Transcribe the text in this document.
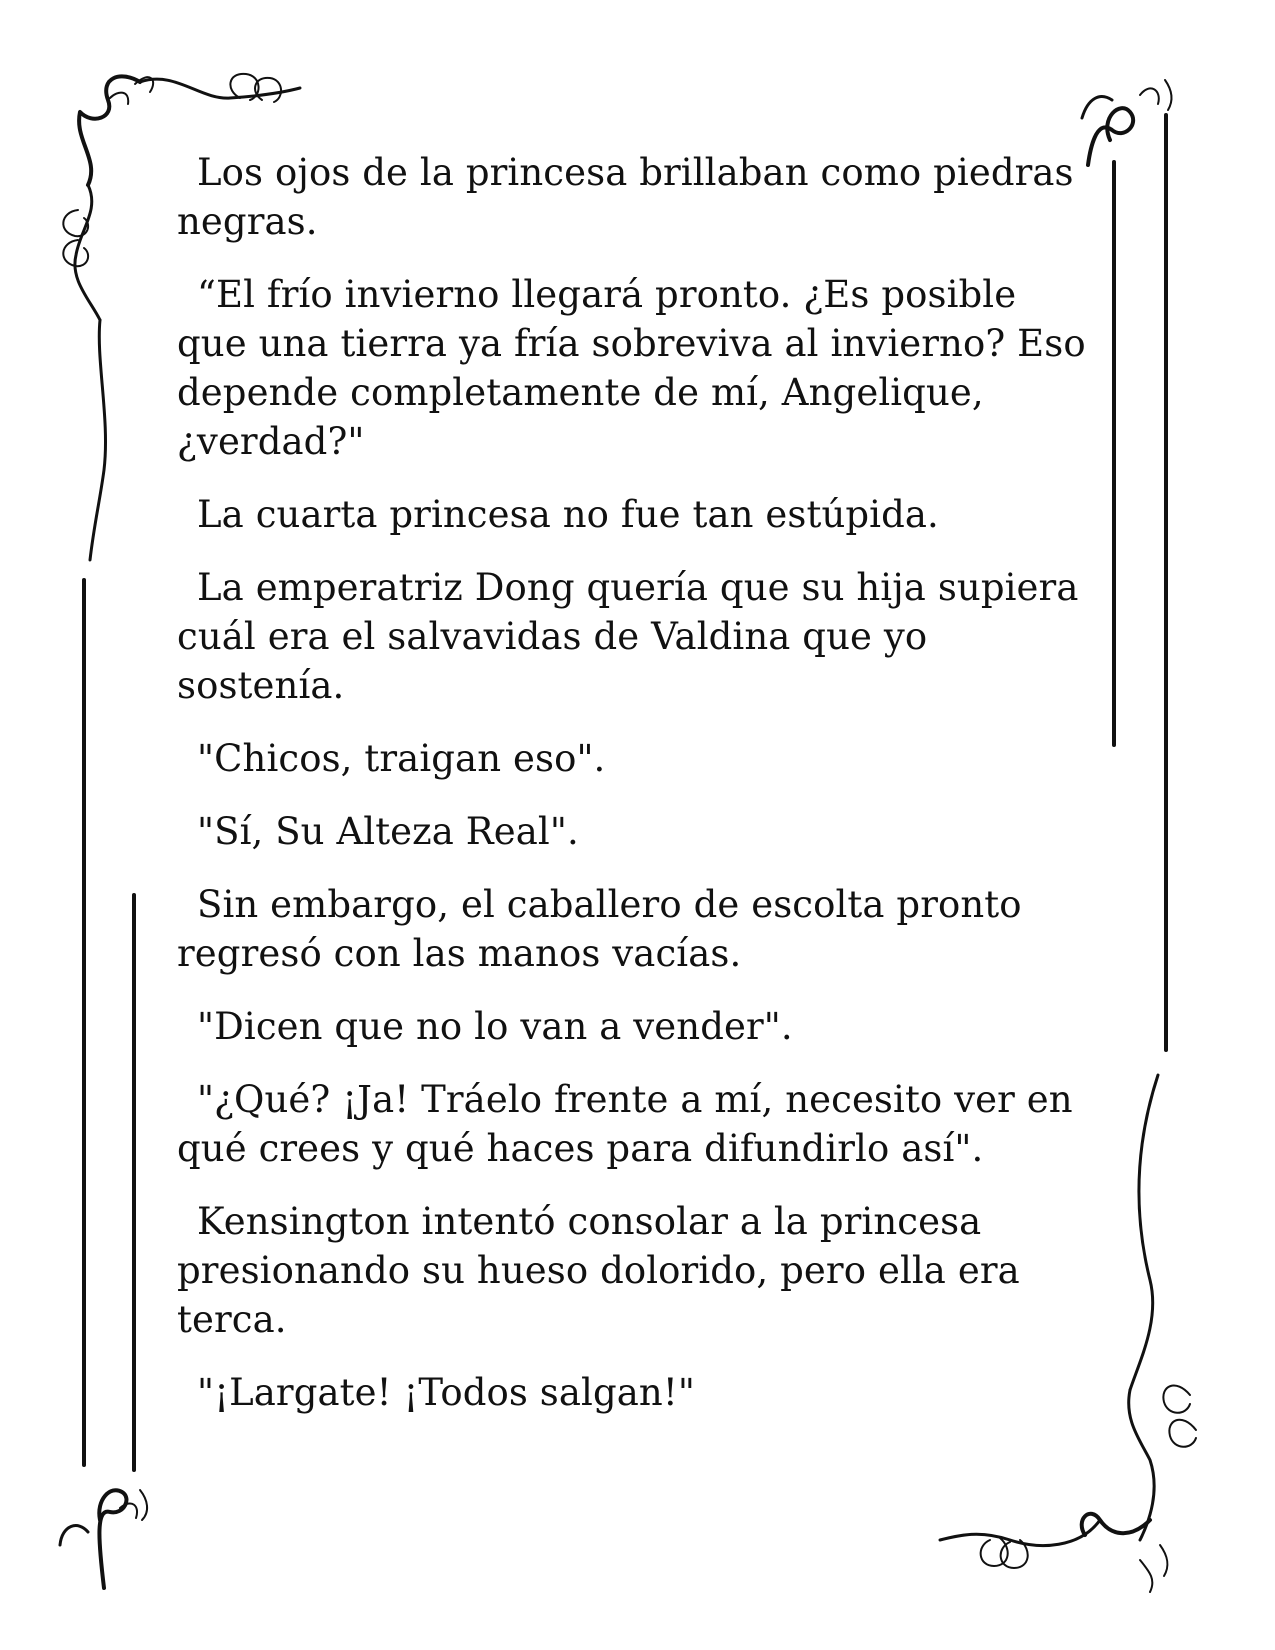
Los ojos de la princesa brillaban como piedras negras.

“El frío invierno llegará pronto. ¿Es posible que una tierra ya fría sobreviva al invierno? Eso depende completamente de mí, Angelique, ¿verdad?"

La cuarta princesa no fue tan estúpida.

La emperatriz Dong quería que su hija supiera cuál era el salvavidas de Valdina que yo sostenía.

"Chicos, traigan eso".

"Sí, Su Alteza Real".

Sin embargo, el caballero de escolta pronto regresó con las manos vacías.

"Dicen que no lo van a vender".

"¿Qué? ¡Ja! Tráelo frente a mí, necesito ver en qué crees y qué haces para difundirlo así".

Kensington intentó consolar a la princesa presionando su hueso dolorido, pero ella era terca.

"¡Largate! ¡Todos salgan!"
